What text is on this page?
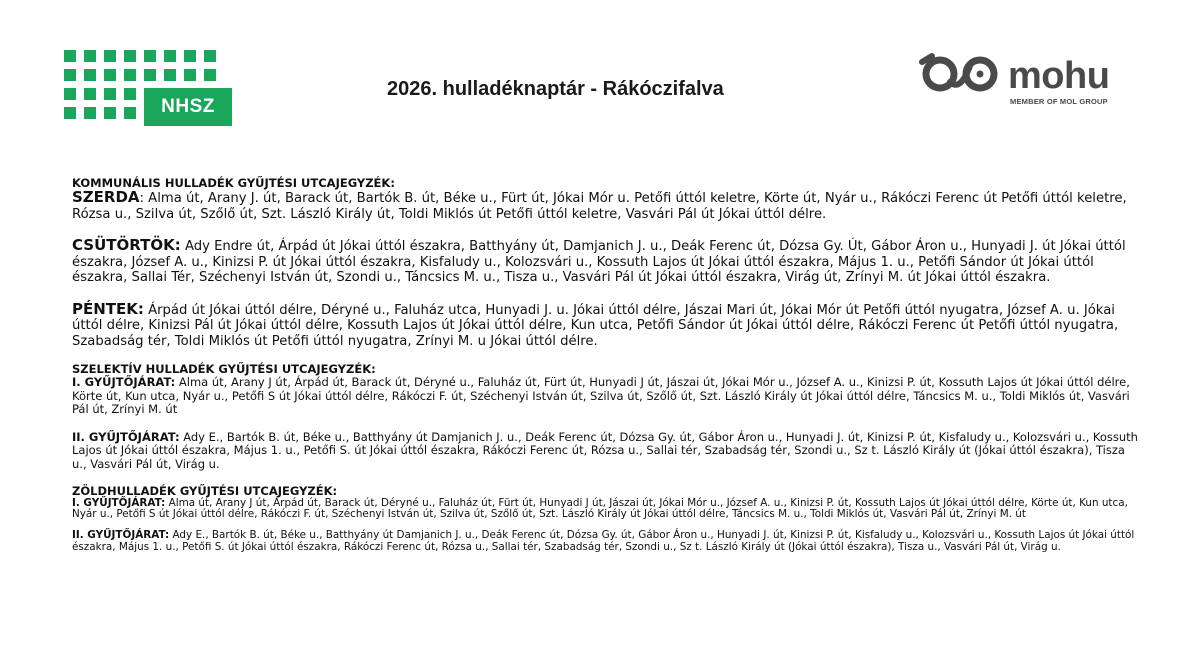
NHSZ
2026. hulladéknaptár - Rákóczifalva	mohu
MEMBER OF MOL GROUP

KOMMUNÁLIS HULLADÉK GYŰJTÉSI UTCAJEGYZÉK:

SZERDA: Alma út, Arany J. út, Barack út, Bartók B. út, Béke u., Fürt út, Jókai Mór u. Petőfi úttól keletre, Körte út, Nyár u., Rákóczi Ferenc út Petőfi úttól keletre, Rózsa u., Szilva út, Szőlő út, Szt. László Király út, Toldi Miklós út Petőfi úttól keletre, Vasvári Pál út Jókai úttól délre.

CSÜTÖRTÖK: Ady Endre út, Árpád út Jókai úttól északra, Batthyány út, Damjanich J. u., Deák Ferenc út, Dózsa Gy. Út, Gábor Áron u., Hunyadi J. út Jókai úttól északra, József A. u., Kinizsi P. út Jókai úttól északra, Kisfaludy u., Kolozsvári u., Kossuth Lajos út Jókai úttól északra, Május 1. u., Petőfi Sándor út Jókai úttól északra, Sallai Tér, Széchenyi István út, Szondi u., Táncsics M. u., Tisza u., Vasvári Pál út Jókai úttól északra, Virág út, Zrínyi M. út Jókai úttól északra.

PÉNTEK: Árpád út Jókai úttól délre, Déryné u., Faluház utca, Hunyadi J. u. Jókai úttól délre, Jászai Mari út, Jókai Mór út Petőfi úttól nyugatra, József A. u. Jókai úttól délre, Kinizsi Pál út Jókai úttól délre, Kossuth Lajos út Jókai úttól délre, Kun utca, Petőfi Sándor út Jókai úttól délre, Rákóczi Ferenc út Petőfi úttól nyugatra, Szabadság tér, Toldi Miklós út Petőfi úttól nyugatra, Zrínyi M. u Jókai úttól délre.

SZELEKTÍV HULLADÉK GYŰJTÉSI UTCAJEGYZÉK:

I. GYŰJTŐJÁRAT: Alma út, Arany J út, Árpád út, Barack út, Déryné u., Faluház út, Fürt út, Hunyadi J út, Jászai út, Jókai Mór u., József A. u., Kinizsi P. út, Kossuth Lajos út Jókai úttól délre, Körte út, Kun utca, Nyár u., Petőfi S út Jókai úttól délre, Rákóczi F. út, Széchenyi István út, Szilva út, Szőlő út, Szt. László Király út Jókai úttól délre, Táncsics M. u., Toldi Miklós út, Vasvári Pál út, Zrínyi M. út

II. GYŰJTŐJÁRAT: Ady E., Bartók B. út, Béke u., Batthyány út Damjanich J. u., Deák Ferenc út, Dózsa Gy. út, Gábor Áron u., Hunyadi J. út, Kinizsi P. út, Kisfaludy u., Kolozsvári u., Kossuth Lajos út Jókai úttól északra, Május 1. u., Petőfi S. út Jókai úttól északra, Rákóczi Ferenc út, Rózsa u., Sallai tér, Szabadság tér, Szondi u., Sz t. László Király út (Jókai úttól északra), Tisza u., Vasvári Pál út, Virág u.

ZÖLDHULLADÉK GYŰJTÉSI UTCAJEGYZÉK:

I. GYŰJTŐJÁRAT: Alma út, Arany J út, Árpád út, Barack út, Déryné u., Faluház út, Fürt út, Hunyadi J út, Jászai út, Jókai Mór u., József A. u., Kinizsi P. út, Kossuth Lajos út Jókai úttól délre, Körte út, Kun utca, Nyár u., Petőfi S út Jókai úttól délre, Rákóczi F. út, Széchenyi István út, Szilva út, Szőlő út, Szt. László Király út Jókai úttól délre, Táncsics M. u., Toldi Miklós út, Vasvári Pál út, Zrínyi M. út

II. GYŰJTŐJÁRAT: Ady E., Bartók B. út, Béke u., Batthyány út Damjanich J. u., Deák Ferenc út, Dózsa Gy. út, Gábor Áron u., Hunyadi J. út, Kinizsi P. út, Kisfaludy u., Kolozsvári u., Kossuth Lajos út Jókai úttól északra, Május 1. u., Petőfi S. út Jókai úttól északra, Rákóczi Ferenc út, Rózsa u., Sallai tér, Szabadság tér, Szondi u., Sz t. László Király út (Jókai úttól északra), Tisza u., Vasvári Pál út, Virág u.
